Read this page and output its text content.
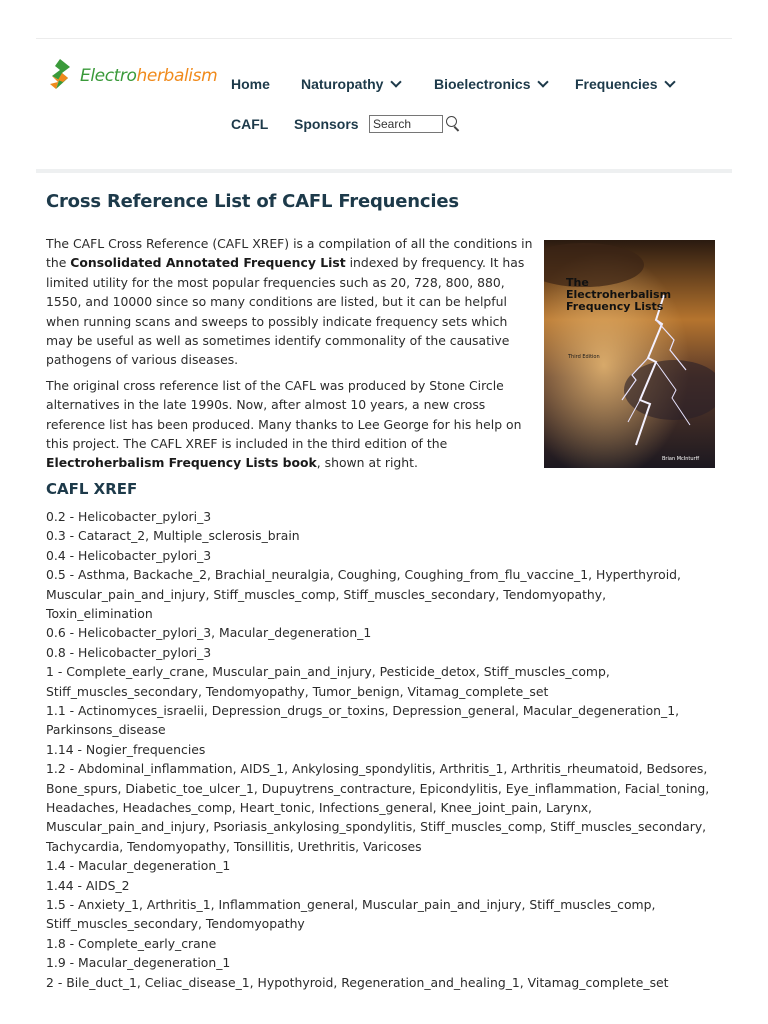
Electroherbalism Home Naturopathy	Bioelectronics	Frequencies
CAFL Sponsors
Search
Cross Reference List of CAFL Frequencies
The
Electroherbalism
Frequency Lists
Third Edition
Brian McInturff

The CAFL Cross Reference (CAFL XREF) is a compilation of all the conditions in the Consolidated Annotated Frequency List indexed by frequency. It has limited utility for the most popular frequencies such as 20, 728, 800, 880, 1550, and 10000 since so many conditions are listed, but it can be helpful when running scans and sweeps to possibly indicate frequency sets which may be useful as well as sometimes identify commonality of the causative pathogens of various diseases.

The original cross reference list of the CAFL was produced by Stone Circle alternatives in the late 1990s. Now, after almost 10 years, a new cross reference list has been produced. Many thanks to Lee George for his help on this project. The CAFL XREF is included in the third edition of the Electroherbalism Frequency Lists book, shown at right.

CAFL XREF
0.2 - Helicobacter_pylori_3
0.3 - Cataract_2, Multiple_sclerosis_brain
0.4 - Helicobacter_pylori_3
0.5 - Asthma, Backache_2, Brachial_neuralgia, Coughing, Coughing_from_flu_vaccine_1, Hyperthyroid, Muscular_pain_and_injury, Stiff_muscles_comp, Stiff_muscles_secondary, Tendomyopathy, Toxin_elimination
0.6 - Helicobacter_pylori_3, Macular_degeneration_1
0.8 - Helicobacter_pylori_3
1 - Complete_early_crane, Muscular_pain_and_injury, Pesticide_detox, Stiff_muscles_comp, Stiff_muscles_secondary, Tendomyopathy, Tumor_benign, Vitamag_complete_set
1.1 - Actinomyces_israelii, Depression_drugs_or_toxins, Depression_general, Macular_degeneration_1, Parkinsons_disease
1.14 - Nogier_frequencies
1.2 - Abdominal_inflammation, AIDS_1, Ankylosing_spondylitis, Arthritis_1, Arthritis_rheumatoid, Bedsores, Bone_spurs, Diabetic_toe_ulcer_1, Dupuytrens_contracture, Epicondylitis, Eye_inflammation, Facial_toning, Headaches, Headaches_comp, Heart_tonic, Infections_general, Knee_joint_pain, Larynx, Muscular_pain_and_injury, Psoriasis_ankylosing_spondylitis, Stiff_muscles_comp, Stiff_muscles_secondary, Tachycardia, Tendomyopathy, Tonsillitis, Urethritis, Varicoses
1.4 - Macular_degeneration_1
1.44 - AIDS_2
1.5 - Anxiety_1, Arthritis_1, Inflammation_general, Muscular_pain_and_injury, Stiff_muscles_comp, Stiff_muscles_secondary, Tendomyopathy
1.8 - Complete_early_crane
1.9 - Macular_degeneration_1
2 - Bile_duct_1, Celiac_disease_1, Hypothyroid, Regeneration_and_healing_1, Vitamag_complete_set
